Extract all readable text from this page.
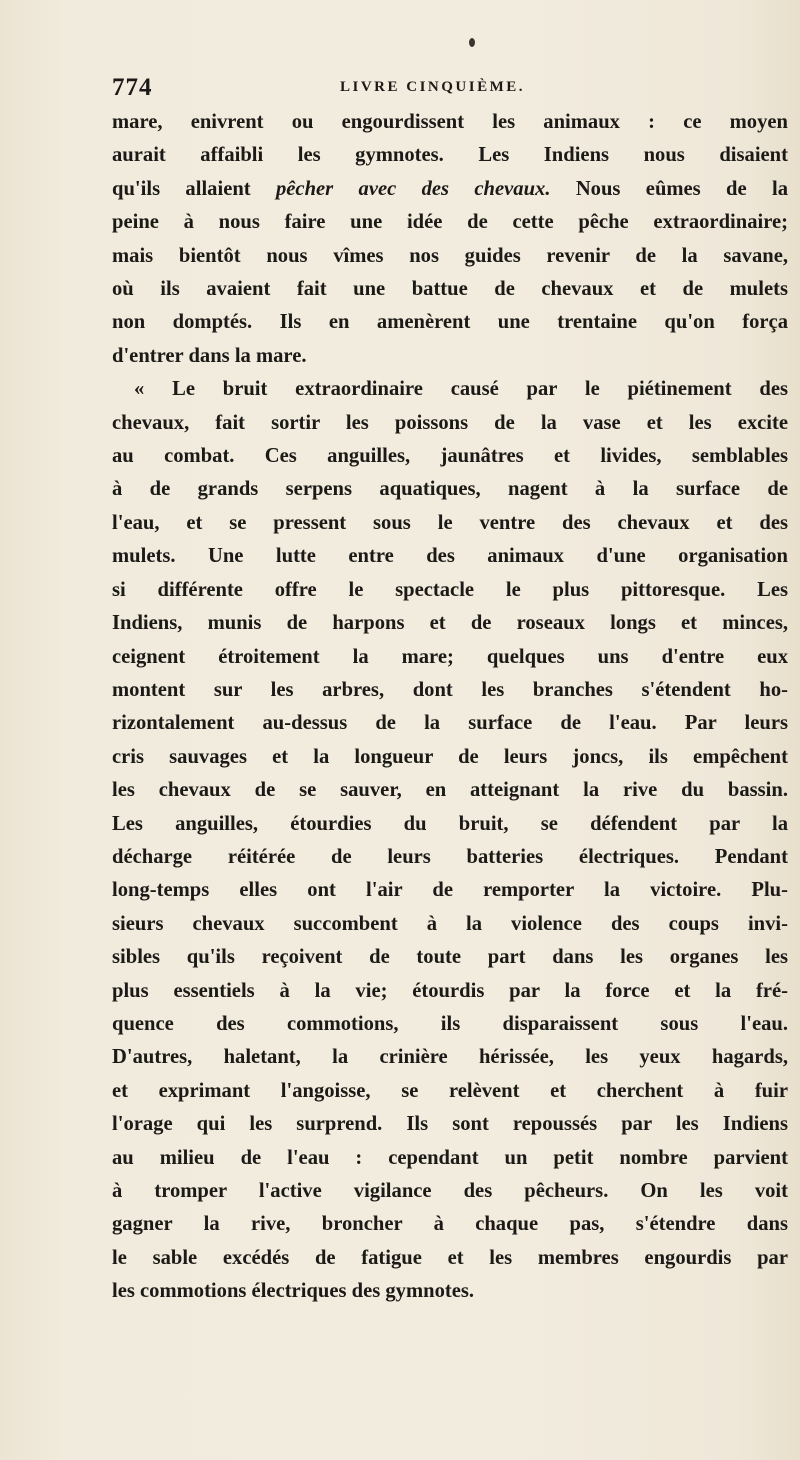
774	LIVRE CINQUIÈME.

mare, enivrent ou engourdissent les animaux : ce moyen
aurait affaibli les gymnotes. Les Indiens nous disaient
qu'ils allaient pêcher avec des chevaux. Nous eûmes de la
peine à nous faire une idée de cette pêche extraordinaire;
mais bientôt nous vîmes nos guides revenir de la savane,
où ils avaient fait une battue de chevaux et de mulets
non domptés. Ils en amenèrent une trentaine qu'on força
d'entrer dans la mare.

« Le bruit extraordinaire causé par le piétinement des
chevaux, fait sortir les poissons de la vase et les excite
au combat. Ces anguilles, jaunâtres et livides, semblables
à de grands serpens aquatiques, nagent à la surface de
l'eau, et se pressent sous le ventre des chevaux et des
mulets. Une lutte entre des animaux d'une organisation
si différente offre le spectacle le plus pittoresque. Les
Indiens, munis de harpons et de roseaux longs et minces,
ceignent étroitement la mare; quelques uns d'entre eux
montent sur les arbres, dont les branches s'étendent ho-
rizontalement au-dessus de la surface de l'eau. Par leurs
cris sauvages et la longueur de leurs joncs, ils empêchent
les chevaux de se sauver, en atteignant la rive du bassin.
Les anguilles, étourdies du bruit, se défendent par la
décharge réitérée de leurs batteries électriques. Pendant
long-temps elles ont l'air de remporter la victoire. Plu-
sieurs chevaux succombent à la violence des coups invi-
sibles qu'ils reçoivent de toute part dans les organes les
plus essentiels à la vie; étourdis par la force et la fré-
quence des commotions, ils disparaissent sous l'eau.
D'autres, haletant, la crinière hérissée, les yeux hagards,
et exprimant l'angoisse, se relèvent et cherchent à fuir
l'orage qui les surprend. Ils sont repoussés par les Indiens
au milieu de l'eau : cependant un petit nombre parvient
à tromper l'active vigilance des pêcheurs. On les voit
gagner la rive, broncher à chaque pas, s'étendre dans
le sable excédés de fatigue et les membres engourdis par
les commotions électriques des gymnotes.
